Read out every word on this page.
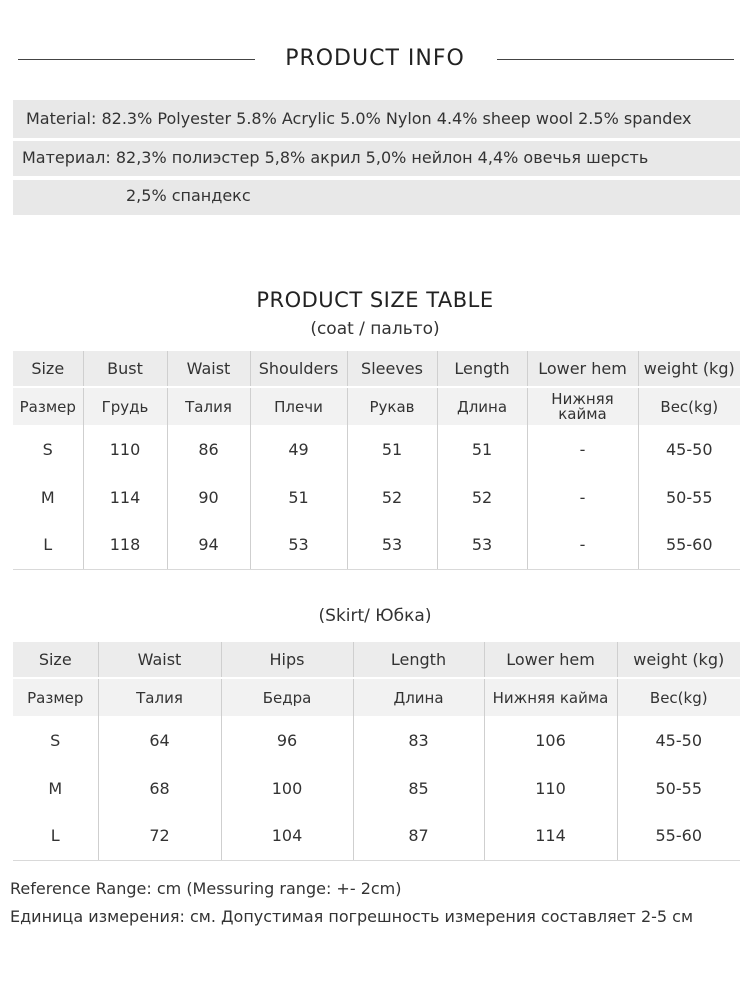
PRODUCT INFO
Material: 82.3% Polyester 5.8% Acrylic 5.0% Nylon 4.4% sheep wool 2.5% spandex
Материал: 82,3% полиэстер 5,8% акрил 5,0% нейлон 4,4% овечья шерсть
2,5% спандекс
PRODUCT SIZE TABLE
(coat / пальто)
Size	Bust	Waist	Shoulders	Sleeves	Length	Lower hem	weight (kg)
Размер	Грудь	Талия	Плечи	Рукав	Длина	Нижняя кайма	Вес(kg)
S	110	86	49	51	51	-	45-50
M	114	90	51	52	52	-	50-55
L	118	94	53	53	53	-	55-60
(Skirt/ Юбка)
Size	Waist	Hips	Length	Lower hem	weight (kg)
Размер	Талия	Бедра	Длина	Нижняя кайма	Вес(kg)
S	64	96	83	106	45-50
M	68	100	85	110	50-55
L	72	104	87	114	55-60
Reference Range: cm (Messuring range: +- 2cm)
Единица измерения: см. Допустимая погрешность измерения составляет 2-5 см
